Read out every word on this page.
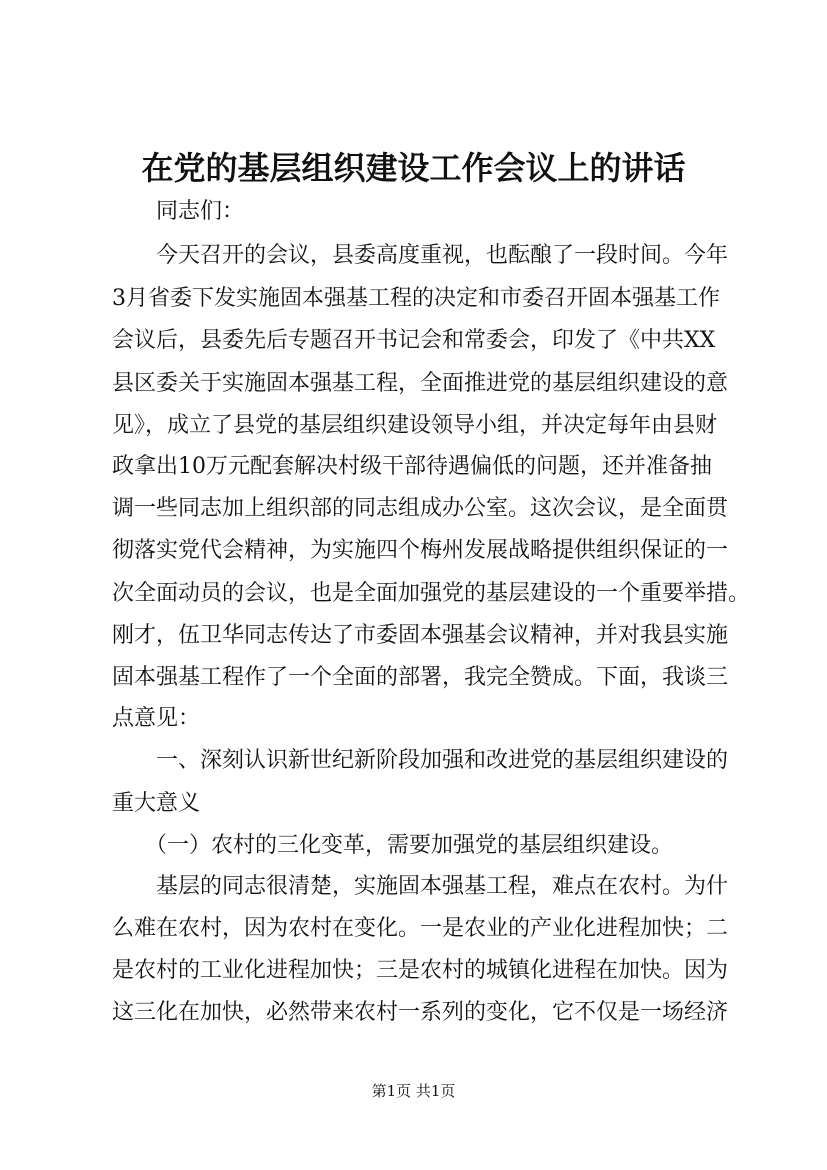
在党的基层组织建设工作会议上的讲话
　　同志们：
　　今天召开的会议，县委高度重视，也酝酿了一段时间。今年
3月省委下发实施固本强基工程的决定和市委召开固本强基工作
会议后，县委先后专题召开书记会和常委会，印发了《中共XX
县区委关于实施固本强基工程，全面推进党的基层组织建设的意
见》，成立了县党的基层组织建设领导小组，并决定每年由县财
政拿出10万元配套解决村级干部待遇偏低的问题，还并准备抽
调一些同志加上组织部的同志组成办公室。这次会议，是全面贯
彻落实党代会精神，为实施四个梅州发展战略提供组织保证的一
次全面动员的会议，也是全面加强党的基层建设的一个重要举措。
刚才，伍卫华同志传达了市委固本强基会议精神，并对我县实施
固本强基工程作了一个全面的部署，我完全赞成。下面，我谈三
点意见：
　　一、深刻认识新世纪新阶段加强和改进党的基层组织建设的
重大意义
　　（一）农村的三化变革，需要加强党的基层组织建设。
　　基层的同志很清楚，实施固本强基工程，难点在农村。为什
么难在农村，因为农村在变化。一是农业的产业化进程加快；二
是农村的工业化进程加快；三是农村的城镇化进程在加快。因为
这三化在加快，必然带来农村一系列的变化，它不仅是一场经济
第1页 共1页
